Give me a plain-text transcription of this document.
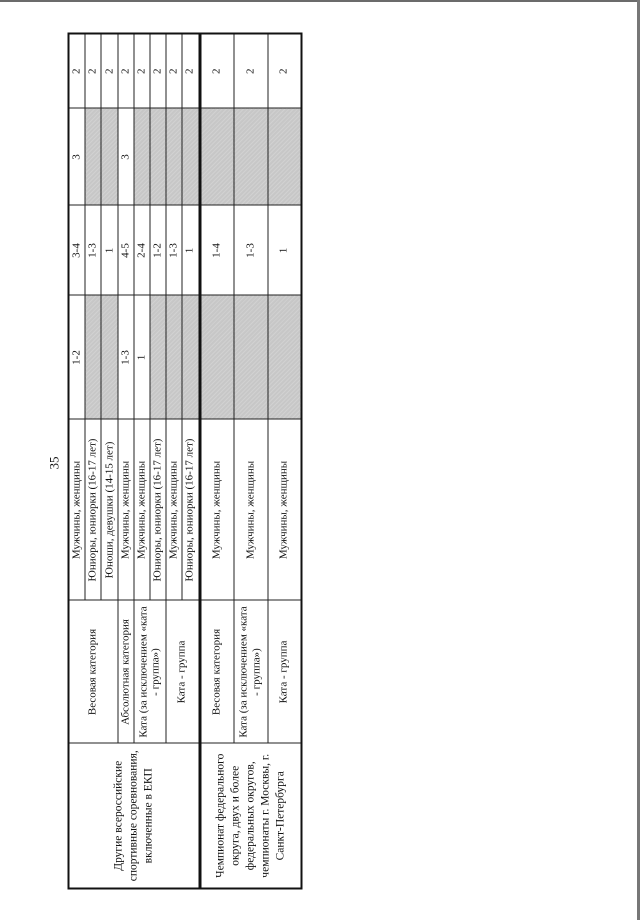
35
Другие всероссийские спортивные соревнования, включенные в ЕКП	Весовая категория	Мужчины, женщины	1-2	3-4	3	2
		Юниоры, юниорки (16-17 лет)		1-3		2
		Юноши, девушки (14-15 лет)		1		2
	Абсолютная категория	Мужчины, женщины	1-3	4-5	3	2
	Ката (за исключением «ката - группа»)	Мужчины, женщины	1	2-4		2
		Юниоры, юниорки (16-17 лет)		1-2		2
	Ката - группа	Мужчины, женщины		1-3		2
		Юниоры, юниорки (16-17 лет)		1		2
Чемпионат федерального округа, двух и более федеральных округов, чемпионаты г. Москвы, г. Санкт-Петербурга	Весовая категория	Мужчины, женщины		1-4		2
	Ката (за исключением «ката - группа»)	Мужчины, женщины		1-3		2
	Ката - группа	Мужчины, женщины		1		2
